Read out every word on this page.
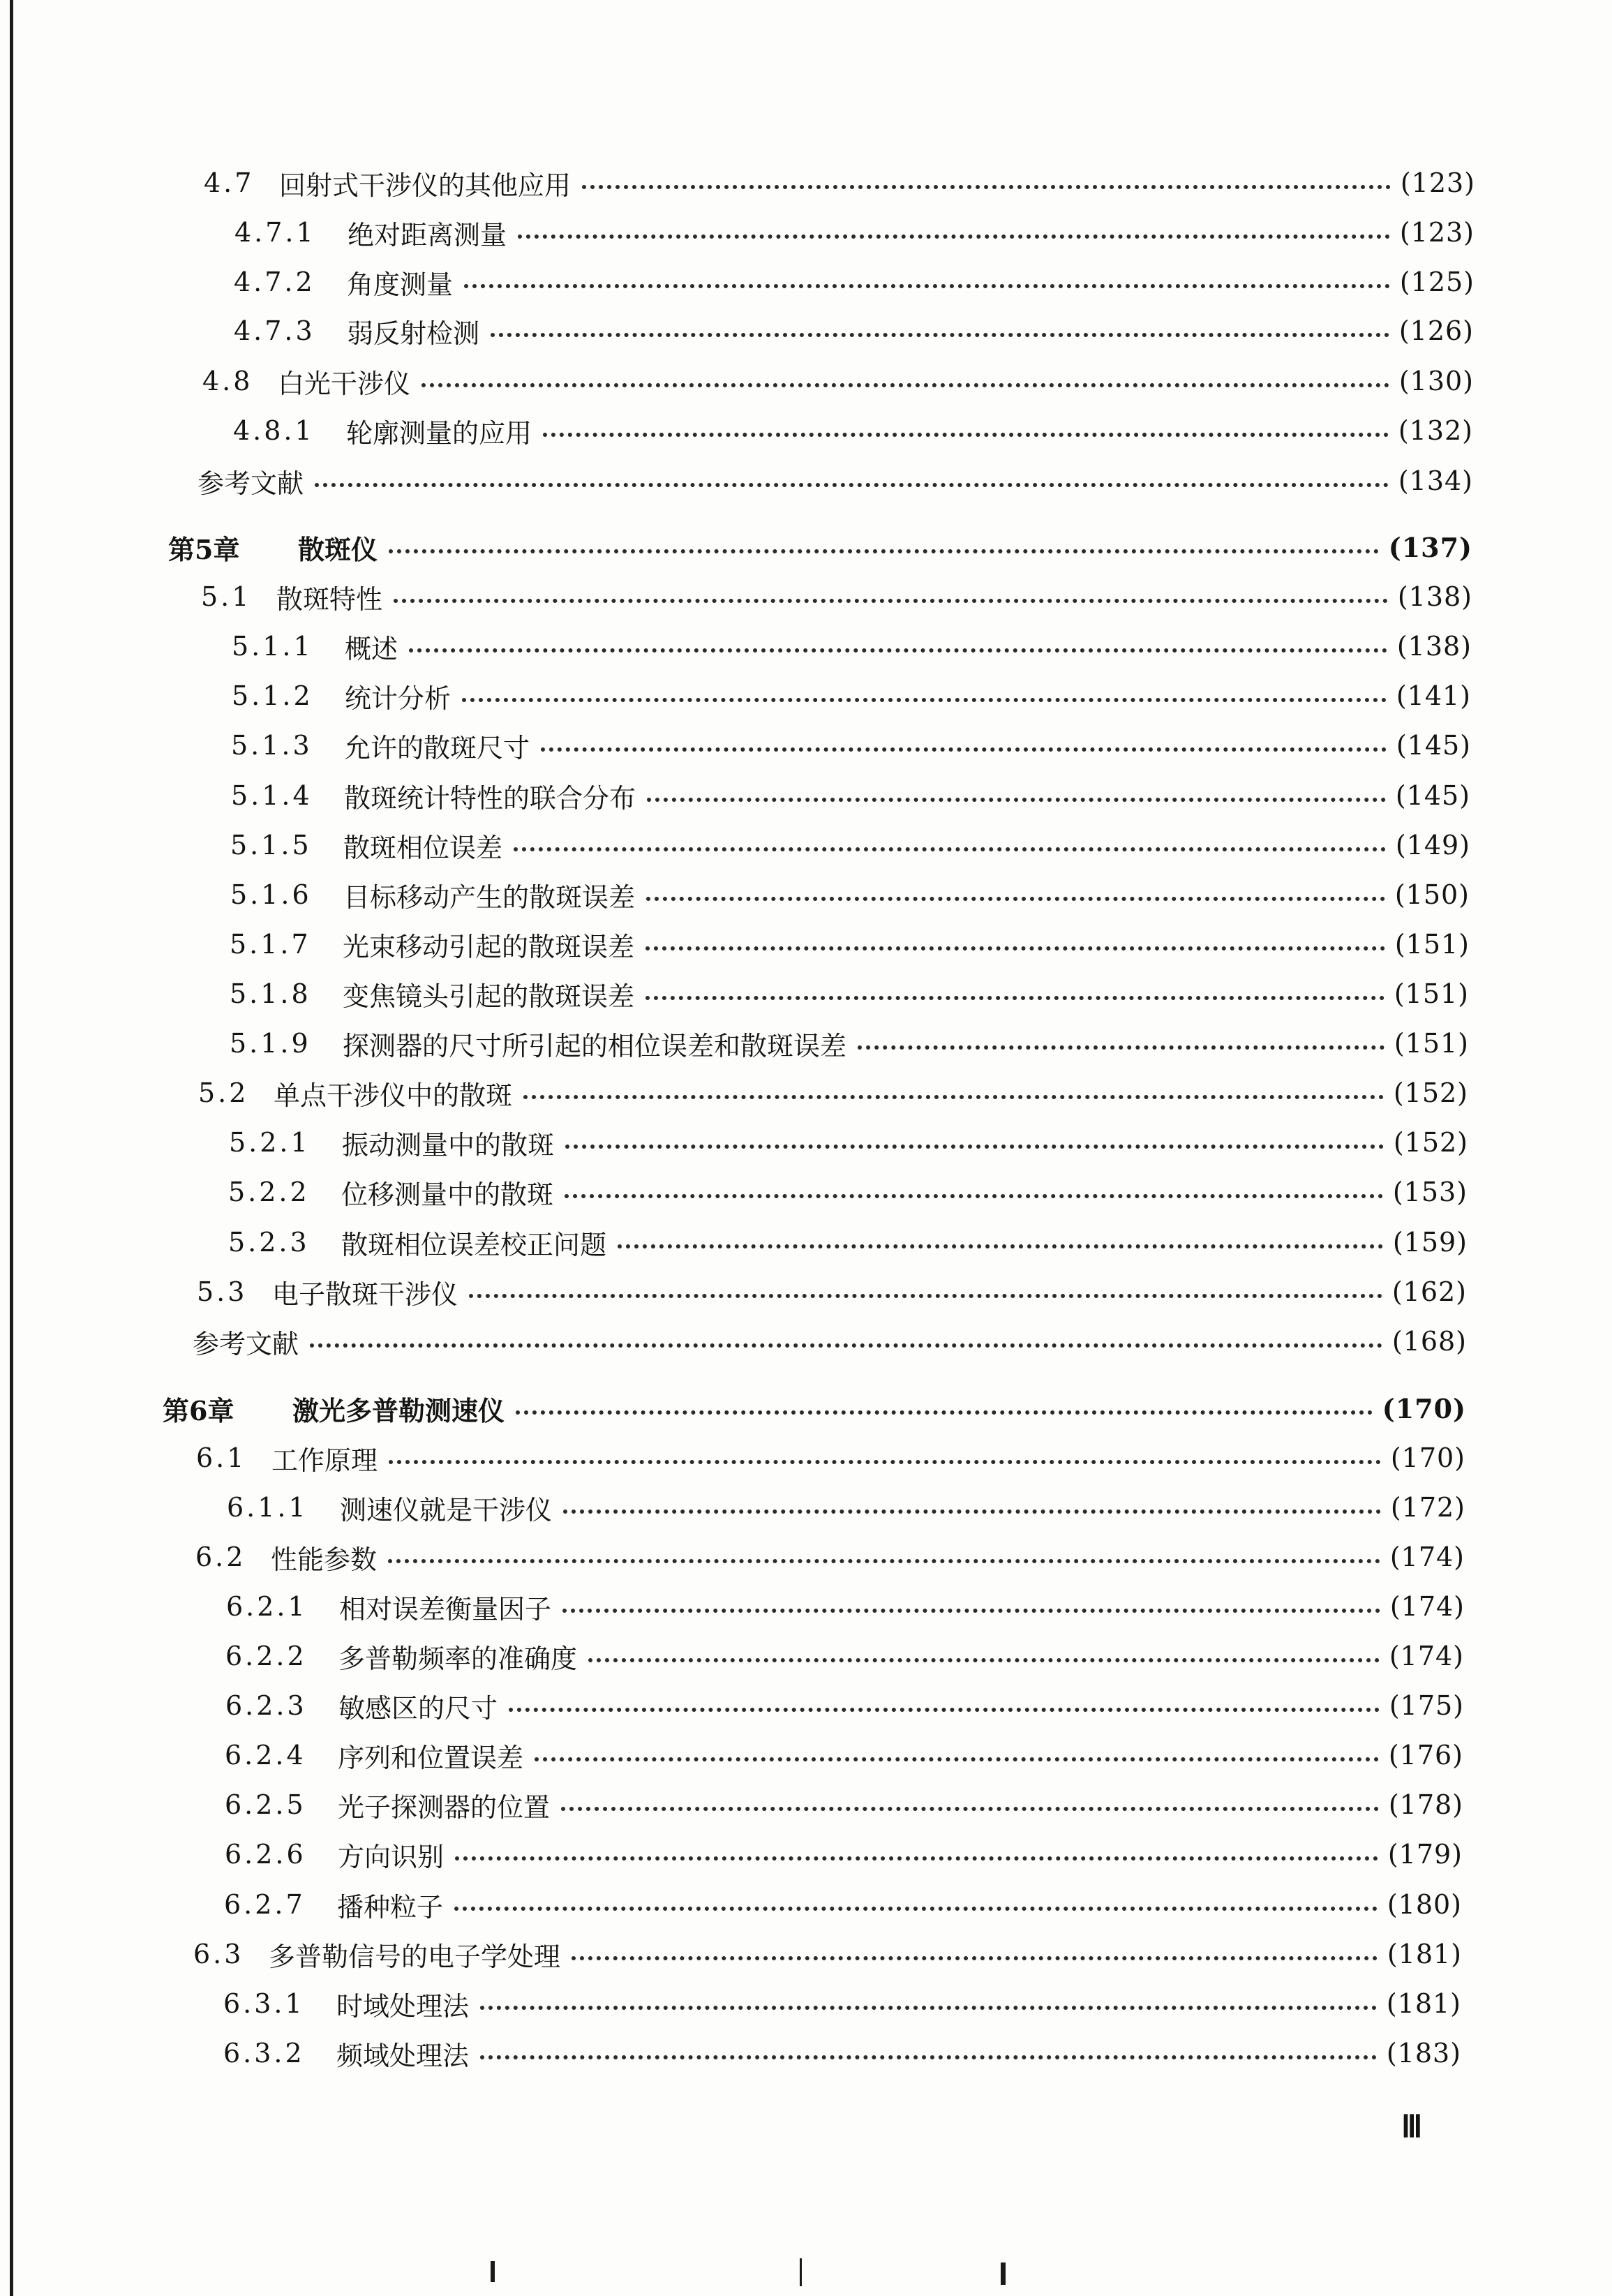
4.7 回射式干涉仪的其他应用	(123)
4.7.1	绝对距离测量	(123)
4.7.2	角度测量	(125)
4.7.3	弱反射检测	(126)
4.8 白光干涉仪	(130)
4.8.1	轮廓测量的应用	(132)
参考文献	(134)
第5章	散斑仪	(137)
5.1 散斑特性	(138)
5.1.1	概述	(138)
5.1.2	统计分析	(141)
5.1.3	允许的散斑尺寸	(145)
5.1.4	散斑统计特性的联合分布	(145)
5.1.5	散斑相位误差	(149)
5.1.6	目标移动产生的散斑误差	(150)
5.1.7	光束移动引起的散斑误差	(151)
5.1.8	变焦镜头引起的散斑误差	(151)
5.1.9	探测器的尺寸所引起的相位误差和散斑误差	(151)
5.2 单点干涉仪中的散斑	(152)
5.2.1	振动测量中的散斑	(152)
5.2.2	位移测量中的散斑	(153)
5.2.3	散斑相位误差校正问题	(159)
5.3 电子散斑干涉仪	(162)
参考文献	(168)
第6章	激光多普勒测速仪	(170)
6.1 工作原理	(170)
6.1.1	测速仪就是干涉仪	(172)
6.2 性能参数	(174)
6.2.1	相对误差衡量因子	(174)
6.2.2	多普勒频率的准确度	(174)
6.2.3	敏感区的尺寸	(175)
6.2.4	序列和位置误差	(176)
6.2.5	光子探测器的位置	(178)
6.2.6	方向识别	(179)
6.2.7	播种粒子	(180)
6.3 多普勒信号的电子学处理	(181)
6.3.1	时域处理法	(181)
6.3.2	频域处理法	(183)
Ⅲ
